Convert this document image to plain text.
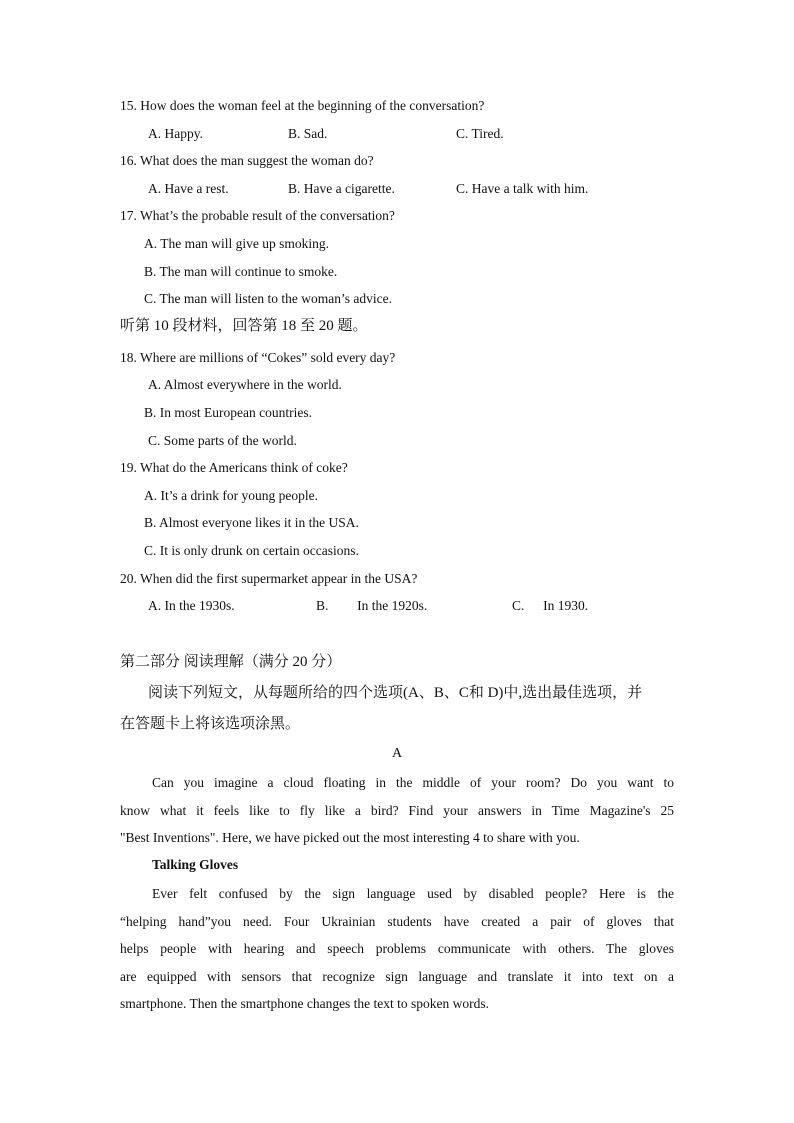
15. How does the woman feel at the beginning of the conversation?
A. Happy.	B. Sad.	C. Tired.
16. What does the man suggest the woman do?
A. Have a rest.	B. Have a cigarette.	C. Have a talk with him.
17. What’s the probable result of the conversation?
A. The man will give up smoking.
B. The man will continue to smoke.
C. The man will listen to the woman’s advice.
听第 10 段材料，回答第 18 至 20 题。
18. Where are millions of “Cokes” sold every day?
A. Almost everywhere in the world.
B. In most European countries.
C. Some parts of the world.
19. What do the Americans think of coke?
A. It’s a drink for young people.
B. Almost everyone likes it in the USA.
C. It is only drunk on certain occasions.
20. When did the first supermarket appear in the USA?
A. In the 1930s.	B. In the 1920s.	C. In 1930.
第二部分 阅读理解（满分 20 分）
阅读下列短文，从每题所给的四个选项(A、B、C和 D)中,选出最佳选项，并
在答题卡上将该选项涂黑。
A
Can you imagine a cloud floating in the middle of your room? Do you want to
know what it feels like to fly like a bird? Find your answers in Time Magazine's 25
"Best Inventions". Here, we have picked out the most interesting 4 to share with you.
Talking Gloves
Ever felt confused by the sign language used by disabled people? Here is the
“helping hand”you need. Four Ukrainian students have created a pair of gloves that
helps people with hearing and speech problems communicate with others. The gloves
are equipped with sensors that recognize sign language and translate it into text on a
smartphone. Then the smartphone changes the text to spoken words.
